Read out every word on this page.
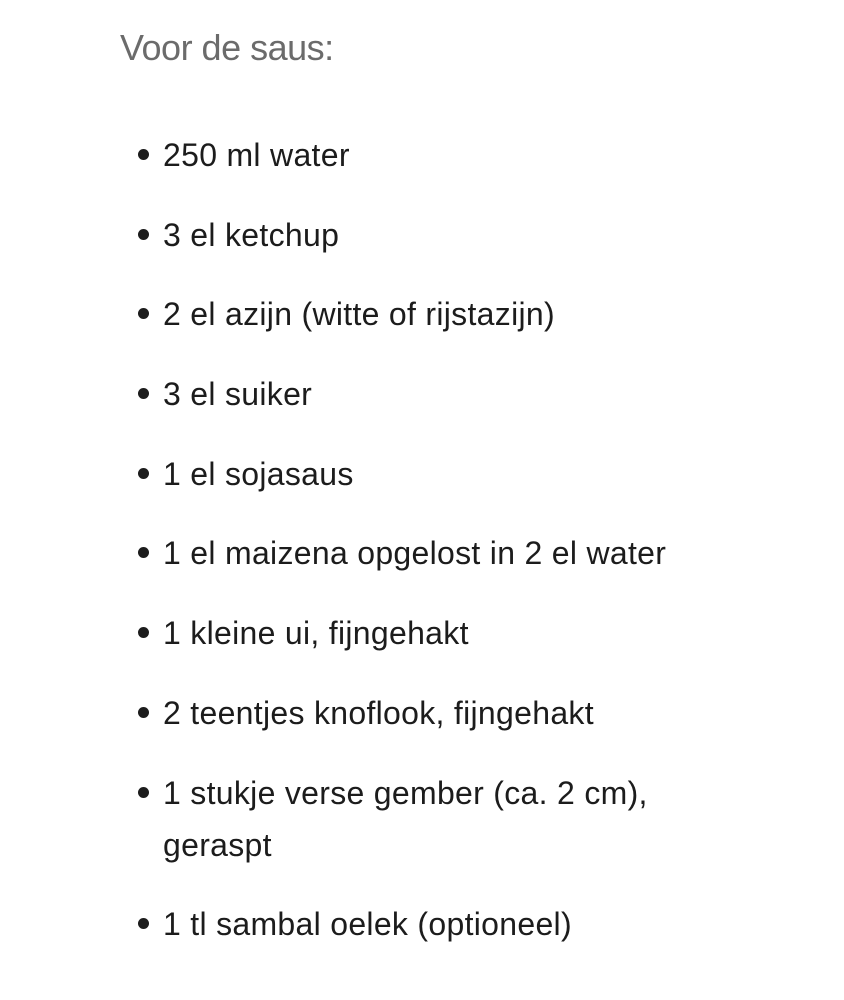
Voor de saus:
250 ml water
3 el ketchup
2 el azijn (witte of rijstazijn)
3 el suiker
1 el sojasaus
1 el maizena opgelost in 2 el water
1 kleine ui, fijngehakt
2 teentjes knoflook, fijngehakt
1 stukje verse gember (ca. 2 cm),
geraspt
1 tl sambal oelek (optioneel)
